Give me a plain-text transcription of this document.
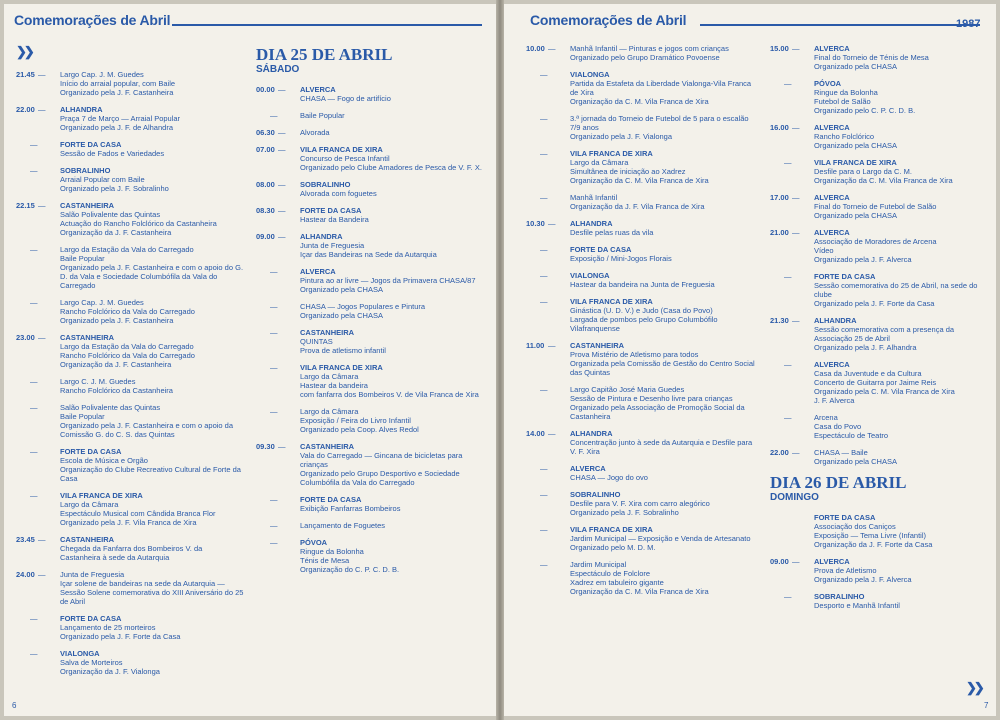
Comemorações de Abril
❯❯
21.45 — Largo Cap. J. M. Guedes
Início do arraial popular, com Baile
Organizado pela J. F. Castanheira
22.00 — ALHANDRA
Praça 7 de Março — Arraial Popular
Organizado pela J. F. de Alhandra
—	FORTE DA CASA
Sessão de Fados e Variedades
—	SOBRALINHO
Arraial Popular com Baile
Organizado pela J. F. Sobralinho
22.15 — CASTANHEIRA
Salão Polivalente das Quintas
Actuação do Rancho Folclórico da Castanheira
Organização da J. F. Castanheira
—	Largo da Estação da Vala do Carregado
Baile Popular
Organizado pela J. F. Castanheira e com o apoio do G. D. da Vala e Sociedade Columbófila da Vala do Carregado
—	Largo Cap. J. M. Guedes
Rancho Folclórico da Vala do Carregado
Organizado pela J. F. Castanheira
23.00 — CASTANHEIRA
Largo da Estação da Vala do Carregado
Rancho Folclórico da Vala do Carregado
Organização da J. F. Castanheira
—	Largo C. J. M. Guedes
Rancho Folclórico da Castanheira
—	Salão Polivalente das Quintas
Baile Popular
Organizado pela J. F. Castanheira e com o apoio da Comissão G. do C. S. das Quintas
—	FORTE DA CASA
Escola de Música e Orgão
Organização do Clube Recreativo Cultural de Forte da Casa
—	VILA FRANCA DE XIRA
Largo da Câmara
Espectáculo Musical com Cândida Branca Flor
Organizado pela J. F. Vila Franca de Xira
23.45 — CASTANHEIRA
Chegada da Fanfarra dos Bombeiros V. da Castanheira à sede da Autarquia
24.00 — Junta de Freguesia
Içar solene de bandeiras na sede da Autarquia — Sessão Solene comemorativa do XIII Aniversário do 25 de Abril
—	FORTE DA CASA
Lançamento de 25 morteiros
Organizado pela J. F. Forte da Casa
—	VIALONGA
Salva de Morteiros
Organização da J. F. Vialonga
DIA 25 DE ABRIL
SÁBADO
00.00 — ALVERCA
CHASA — Fogo de artifício
—	Baile Popular
06.30 — Alvorada
07.00 — VILA FRANCA DE XIRA
Concurso de Pesca Infantil
Organizado pelo Clube Amadores de Pesca de V. F. X.
08.00 — SOBRALINHO
Alvorada com foguetes
08.30 — FORTE DA CASA
Hastear da Bandeira
09.00 — ALHANDRA
Junta de Freguesia
Içar das Bandeiras na Sede da Autarquia
—	ALVERCA
Pintura ao ar livre — Jogos da Primavera CHASA/87
Organizado pela CHASA
—	CHASA — Jogos Populares e Pintura
Organizado pela CHASA
—	CASTANHEIRA
QUINTAS
Prova de atletismo infantil
—	VILA FRANCA DE XIRA
Largo da Câmara
Hastear da bandeira
com fanfarra dos Bombeiros V. de Vila Franca de Xira
—	Largo da Câmara
Exposição / Feira do Livro Infantil
Organizado pela Coop. Alves Redol
09.30 — CASTANHEIRA
Vala do Carregado — Gincana de bicicletas para crianças
Organizado pelo Grupo Desportivo e Sociedade Columbófila da Vala do Carregado
—	FORTE DA CASA
Exibição Fanfarras Bombeiros
—	Lançamento de Foguetes
—	PÓVOA
Ringue da Bolonha
Ténis de Mesa
Organização do C. P. C. D. B.
6
Comemorações de Abril	1987
10.00 — Manhã Infantil — Pinturas e jogos com crianças
Organizado pelo Grupo Dramático Povoense
—	VIALONGA
Partida da Estafeta da Liberdade Vialonga-Vila Franca de Xira
Organização da C. M. Vila Franca de Xira
—	3.ª jornada do Torneio de Futebol de 5 para o escalão 7/9 anos
Organizado pela J. F. Vialonga
—	VILA FRANCA DE XIRA
Largo da Câmara
Simultânea de iniciação ao Xadrez
Organização da C. M. Vila Franca de Xira
—	Manhã Infantil
Organização da J. F. Vila Franca de Xira
10.30 — ALHANDRA
Desfile pelas ruas da vila
—	FORTE DA CASA
Exposição / Mini-Jogos Florais
—	VIALONGA
Hastear da bandeira na Junta de Freguesia
—	VILA FRANCA DE XIRA
Ginástica (U. D. V.) e Judo (Casa do Povo)
Largada de pombos pelo Grupo Columbófilo Vilafranquense
11.00 — CASTANHEIRA
Prova Mistério de Atletismo para todos
Organizada pela Comissão de Gestão do Centro Social das Quintas
—	Largo Capitão José Maria Guedes
Sessão de Pintura e Desenho livre para crianças
Organizado pela Associação de Promoção Social da Castanheira
14.00 — ALHANDRA
Concentração junto à sede da Autarquia e Desfile para V. F. Xira
—	ALVERCA
CHASA — Jogo do ovo
—	SOBRALINHO
Desfile para V. F. Xira com carro alegórico
Organizado pela J. F. Sobralinho
—	VILA FRANCA DE XIRA
Jardim Municipal — Exposição e Venda de Artesanato
Organizado pelo M. D. M.
—	Jardim Municipal
Espectáculo de Folclore
Xadrez em tabuleiro gigante
Organização da C. M. Vila Franca de Xira
15.00 — ALVERCA
Final do Torneio de Ténis de Mesa
Organizado pela CHASA
—	PÓVOA
Ringue da Bolonha
Futebol de Salão
Organizado pelo C. P. C. D. B.
16.00 — ALVERCA
Rancho Folclórico
Organizado pela CHASA
—	VILA FRANCA DE XIRA
Desfile para o Largo da C. M.
Organização da C. M. Vila Franca de Xira
17.00 — ALVERCA
Final do Torneio de Futebol de Salão
Organizado pela CHASA
21.00 — ALVERCA
Associação de Moradores de Arcena
Vídeo
Organizado pela J. F. Alverca
—	FORTE DA CASA
Sessão comemorativa do 25 de Abril, na sede do clube
Organizado pela J. F. Forte da Casa
21.30 — ALHANDRA
Sessão comemorativa com a presença da Associação 25 de Abril
Organizado pela J. F. Alhandra
—	ALVERCA
Casa da Juventude e da Cultura
Concerto de Guitarra por Jaime Reis
Organizado pela C. M. Vila Franca de Xira
J. F. Alverca
—	Arcena
Casa do Povo
Espectáculo de Teatro
22.00 — CHASA — Baile
Organizado pela CHASA
DIA 26 DE ABRIL
DOMINGO
FORTE DA CASA
Associação dos Caniços
Exposição — Tema Livre (Infantil)
Organização da J. F. Forte da Casa
09.00 — ALVERCA
Prova de Atletismo
Organizado pela J. F. Alverca
—	SOBRALINHO
Desporto e Manhã Infantil
❯❯
7
